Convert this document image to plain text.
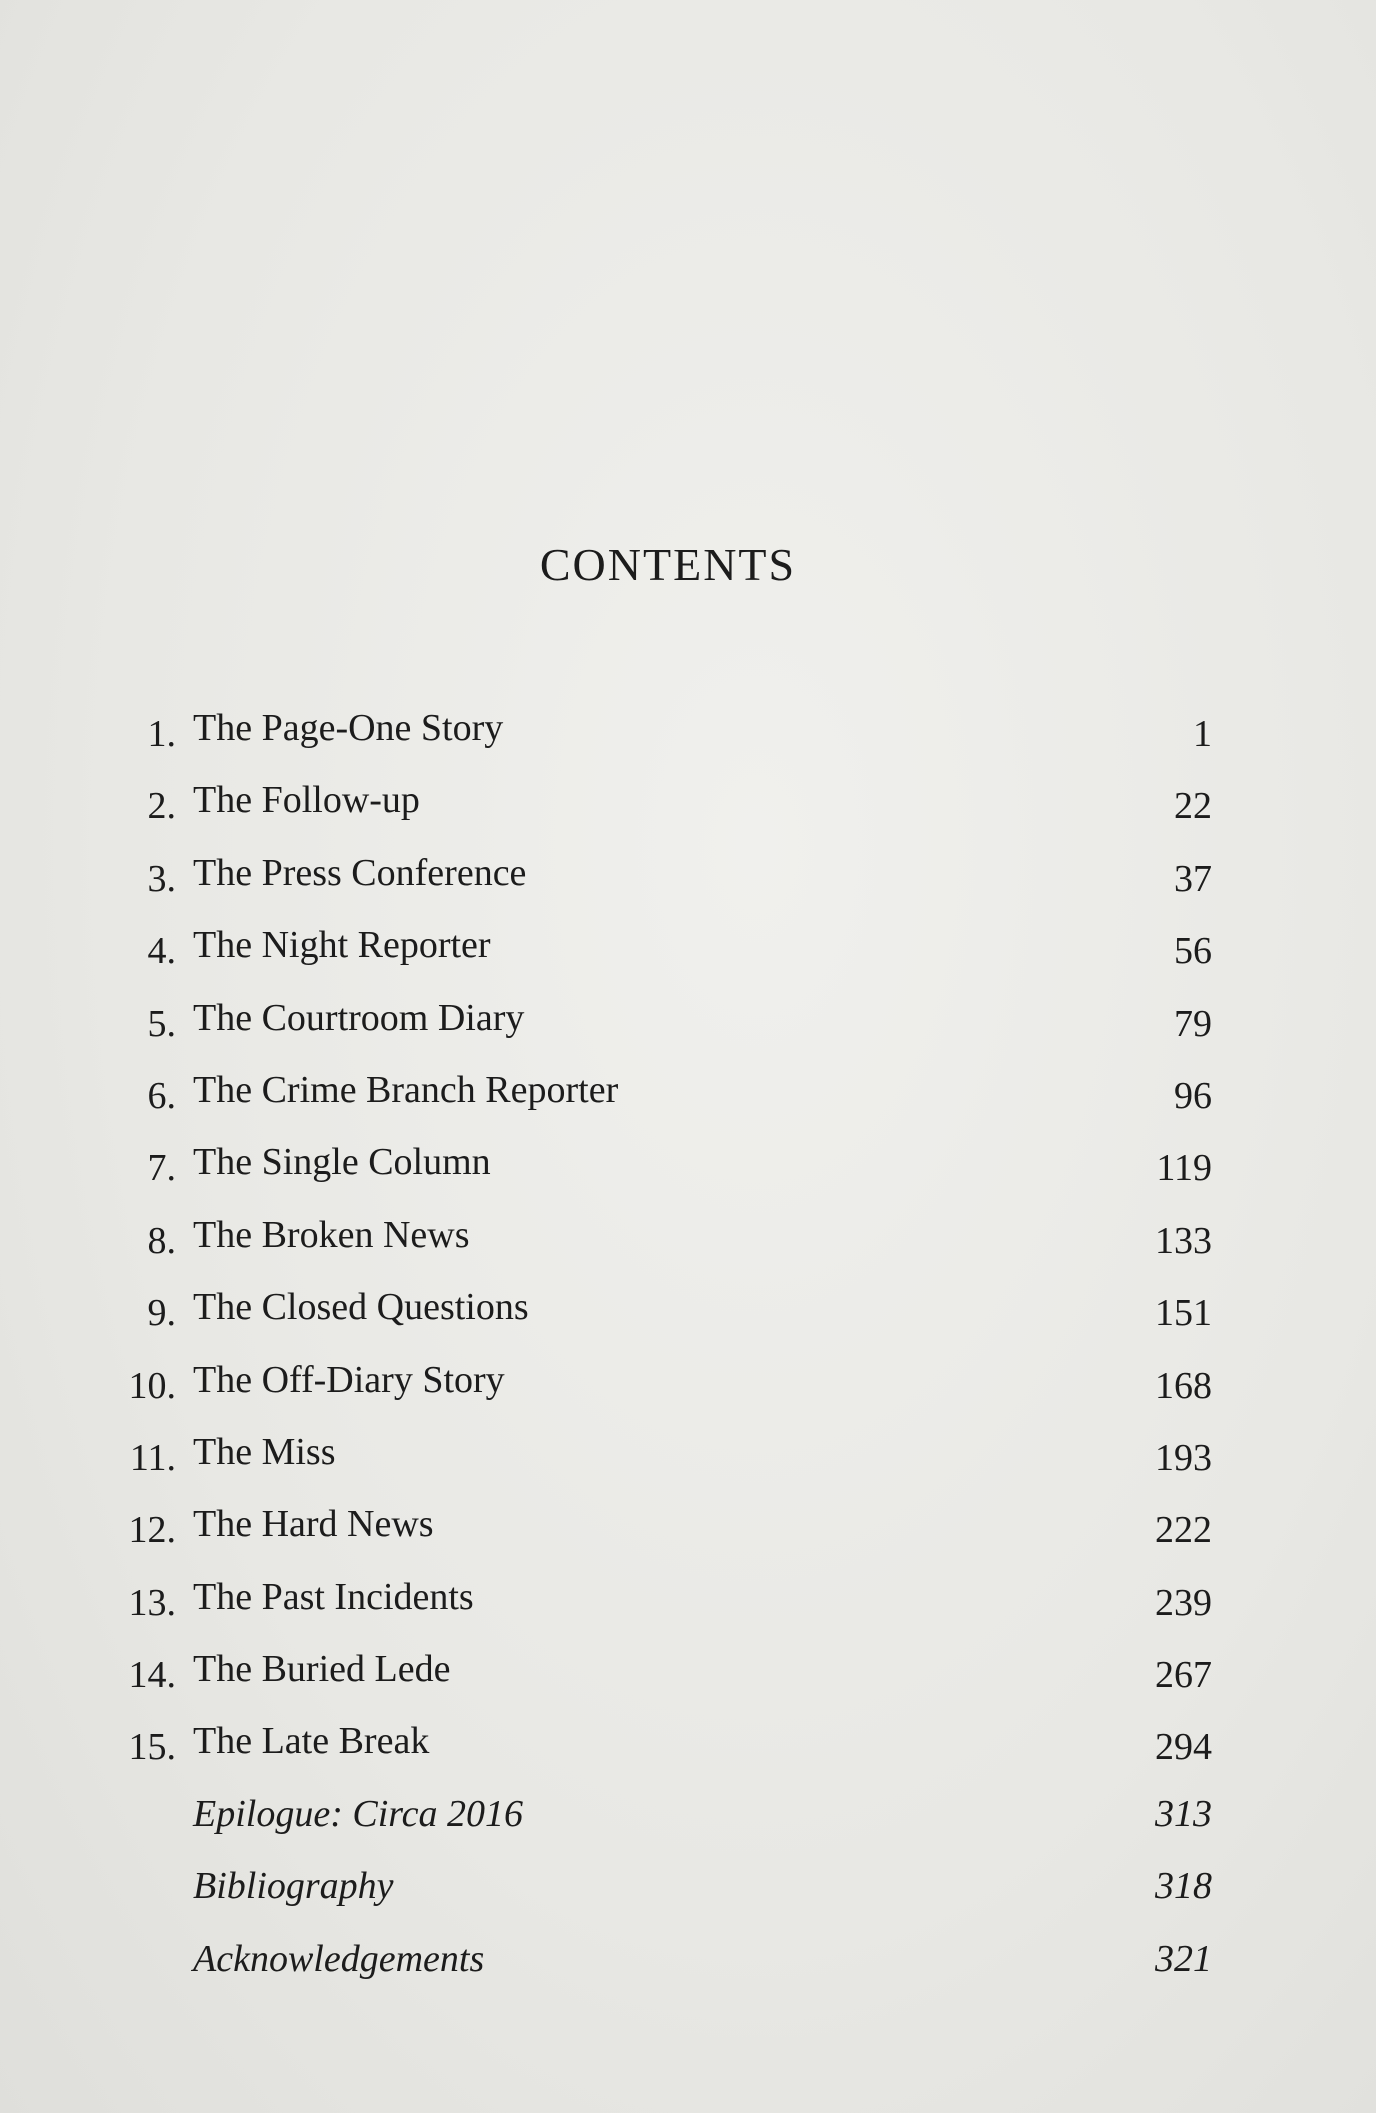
CONTENTS
1. The Page-One Story	1
2. The Follow-up	22
3. The Press Conference	37
4. The Night Reporter	56
5. The Courtroom Diary	79
6. The Crime Branch Reporter	96
7. The Single Column	119
8. The Broken News	133
9. The Closed Questions	151
10. The Off-Diary Story	168
11. The Miss	193
12. The Hard News	222
13. The Past Incidents	239
14. The Buried Lede	267
15. The Late Break	294
Epilogue: Circa 2016	313
Bibliography	318
Acknowledgements	321
